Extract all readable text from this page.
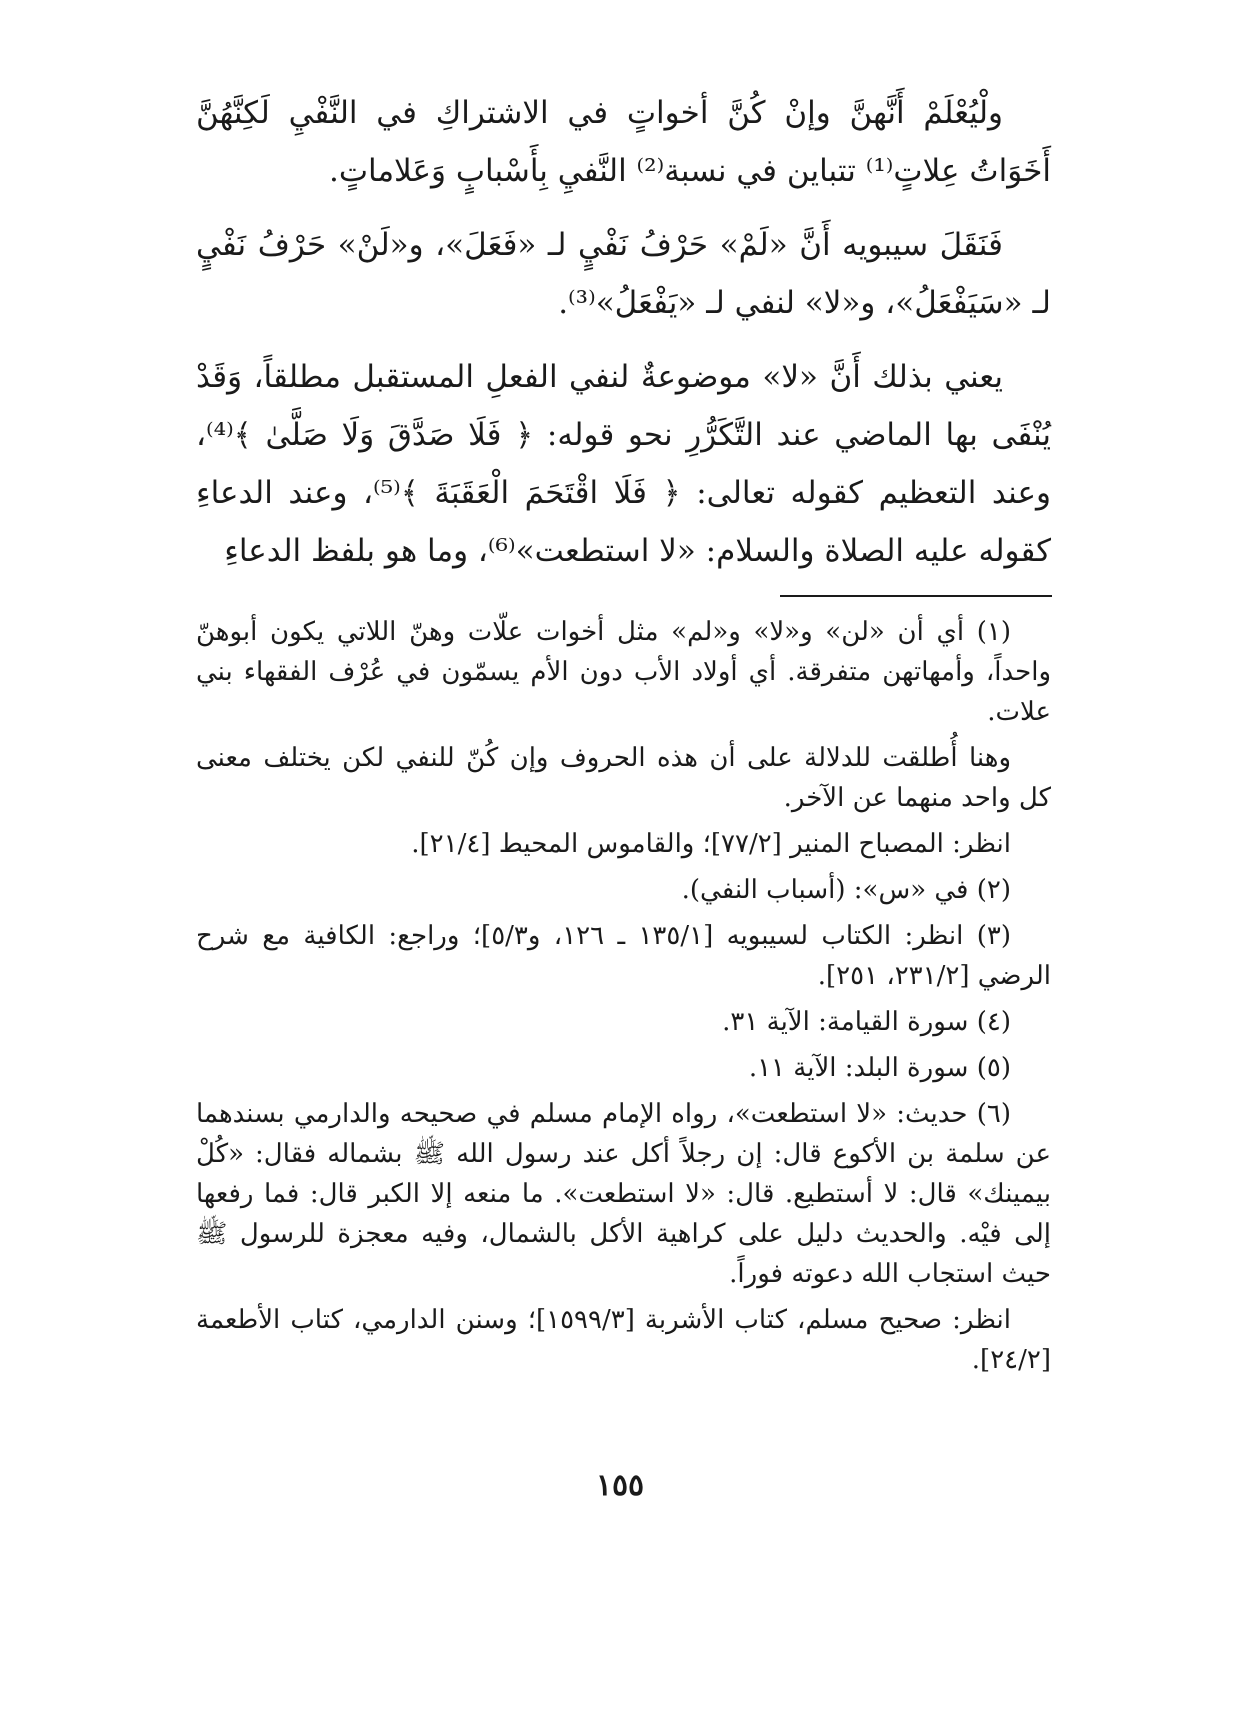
ولْيُعْلَمْ أَنَّهنَّ وإنْ كُنَّ أخواتٍ في الاشتراكِ في النَّفْيِ لَكِنَّهُنَّ أَخَوَاتُ عِلاتٍ⁽¹⁾ تتباين في نسبة⁽²⁾ النَّفيِ بِأَسْبابٍ وَعَلاماتٍ.

فَنَقَلَ سيبويه أَنَّ «لَمْ» حَرْفُ نَفْيٍ لـ «فَعَلَ»، و«لَنْ» حَرْفُ نَفْيٍ لـ «سَيَفْعَلُ»، و«لا» لنفي لـ «يَفْعَلُ»⁽³⁾.

يعني بذلك أَنَّ «لا» موضوعةٌ لنفي الفعلِ المستقبل مطلقاً، وَقَدْ يُنْفَى بها الماضي عند التَّكَرُّرِ نحو قوله: ﴿ فَلَا صَدَّقَ وَلَا صَلَّىٰ ﴾⁽⁴⁾، وعند التعظيم كقوله تعالى: ﴿ فَلَا اقْتَحَمَ الْعَقَبَةَ ﴾⁽⁵⁾، وعند الدعاءِ كقوله عليه الصلاة والسلام: «لا استطعت»⁽⁶⁾، وما هو بلفظ الدعاءِ

(١) أي أن «لن» و«لا» و«لم» مثل أخوات علّات وهنّ اللاتي يكون أبوهنّ واحداً، وأمهاتهن متفرقة. أي أولاد الأب دون الأم يسمّون في عُرْف الفقهاء بني علات.

وهنا أُطلقت للدلالة على أن هذه الحروف وإن كُنّ للنفي لكن يختلف معنى كل واحد منهما عن الآخر.

انظر: المصباح المنير [٧٧/٢]؛ والقاموس المحيط [٢١/٤].

(٢) في «س»: (أسباب النفي).

(٣) انظر: الكتاب لسيبويه [١٣٥/١ ـ ١٢٦، و٥/٣]؛ وراجع: الكافية مع شرح الرضي [٢٣١/٢، ٢٥١].

(٤) سورة القيامة: الآية ٣١.

(٥) سورة البلد: الآية ١١.

(٦) حديث: «لا استطعت»، رواه الإمام مسلم في صحيحه والدارمي بسندهما عن سلمة بن الأكوع قال: إن رجلاً أكل عند رسول الله ﷺ بشماله فقال: «كُلْ بيمينك» قال: لا أستطيع. قال: «لا استطعت». ما منعه إلا الكبر قال: فما رفعها إلى فيْه. والحديث دليل على كراهية الأكل بالشمال، وفيه معجزة للرسول ﷺ حيث استجاب الله دعوته فوراً.

انظر: صحيح مسلم، كتاب الأشربة [١٥٩٩/٣]؛ وسنن الدارمي، كتاب الأطعمة [٢٤/٢].

١٥٥
